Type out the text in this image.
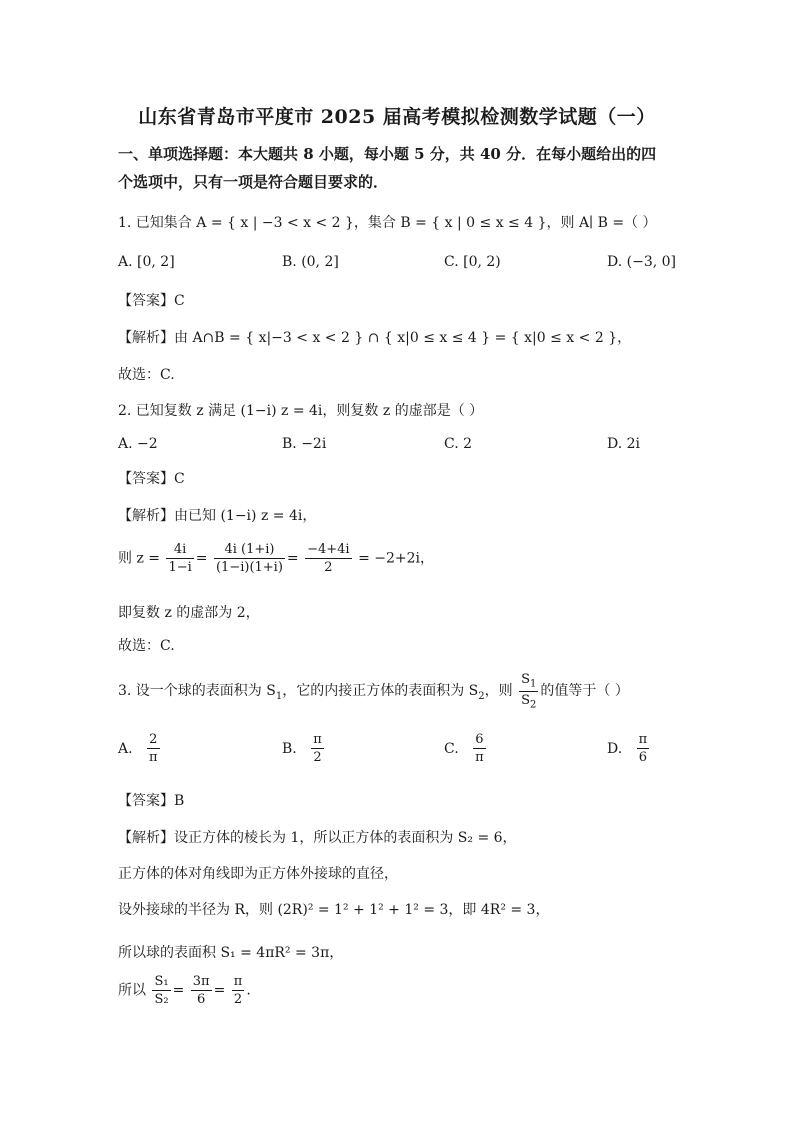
山东省青岛市平度市 2025 届高考模拟检测数学试题（一）
一、单项选择题：本大题共 8 小题，每小题 5 分，共 40 分．在每小题给出的四
个选项中，只有一项是符合题目要求的．
1. 已知集合 A = { x | −3 < x < 2 }，集合 B = { x | 0 ≤ x ≤ 4 }，则 A∣ B =（ ）
A. [0, 2]	B. (0, 2]	C. [0, 2)	D. (−3, 0]
【答案】C
【解析】由 A∩B = { x|−3 < x < 2 } ∩ { x|0 ≤ x ≤ 4 } = { x|0 ≤ x < 2 }，
故选：C.
2. 已知复数 z 满足 (1−i) z = 4i，则复数 z 的虚部是（ ）
A. −2	B. −2i	C. 2	D. 2i
【答案】C
【解析】由已知 (1−i) z = 4i，
则 $z = \frac{4i}{1-i} = \frac{4i (1+i)}{(1-i)(1+i)} = \frac{-4+4i}{2} = -2+2i$，
即复数 z 的虚部为 2，
故选：C.
3. 设一个球的表面积为 $S_1$，它的内接正方体的表面积为 $S_2$，则 $\frac{S_1}{S_2}$ 的值等于（ ）
A. $\frac{2}{\pi}$	B. $\frac{\pi}{2}$	C. $\frac{6}{\pi}$	D. $\frac{\pi}{6}$
【答案】B
【解析】设正方体的棱长为 1，所以正方体的表面积为 S₂ = 6，
正方体的体对角线即为正方体外接球的直径，
设外接球的半径为 R，则 (2R)² = 1² + 1² + 1² = 3，即 4R² = 3，
所以球的表面积 S₁ = 4πR² = 3π，
所以 $\frac{\text{S₁}}{\text{S₂}} = \frac{3\pi}{6} = \frac{\pi}{2}$ .
